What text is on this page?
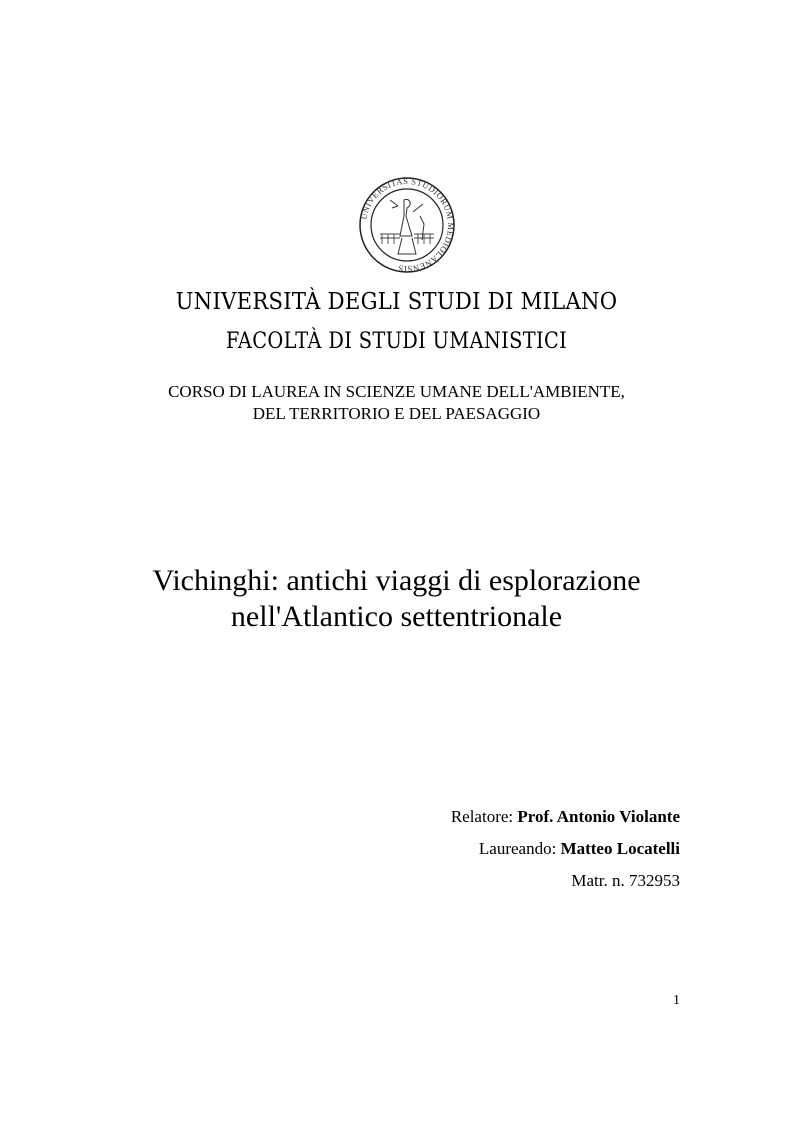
UNIVERSITAS STUDIORUM MEDIOLANENSIS
UNIVERSITÀ DEGLI STUDI DI MILANO
FACOLTÀ DI STUDI UMANISTICI
CORSO DI LAUREA IN SCIENZE UMANE DELL'AMBIENTE,
DEL TERRITORIO E DEL PAESAGGIO
Vichinghi: antichi viaggi di esplorazione
nell'Atlantico settentrionale
Relatore: Prof. Antonio Violante
Laureando: Matteo Locatelli
Matr. n. 732953
1
